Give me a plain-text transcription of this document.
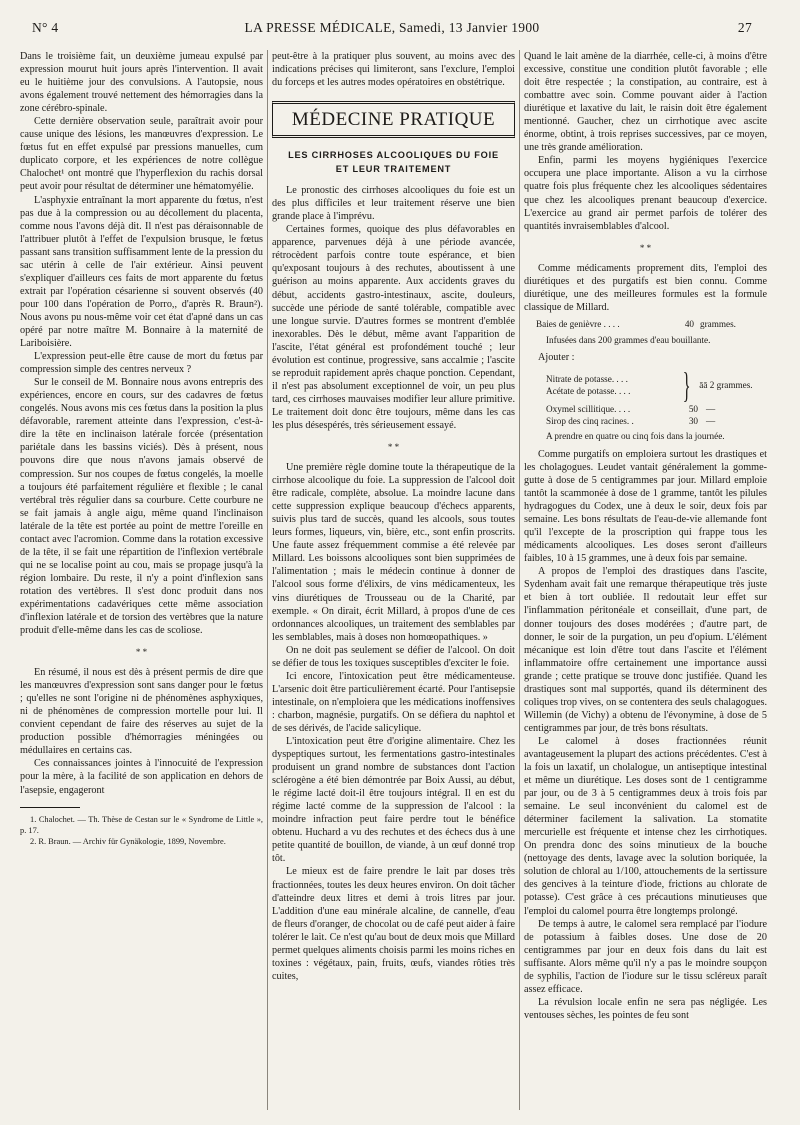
N° 4	LA PRESSE MÉDICALE, Samedi, 13 Janvier 1900	27

Dans le troisième fait, un deuxième jumeau expulsé par expression mourut huit jours après l'intervention. Il avait eu le huitième jour des convulsions. A l'autopsie, nous avons également trouvé nettement des hémorragies dans la zone cérébro-spinale.

Cette dernière observation seule, paraîtrait avoir pour cause unique des lésions, les manœuvres d'expression. Le fœtus fut en effet expulsé par pressions manuelles, cum duplicato corpore, et les expériences de notre collègue Chalochet¹ ont montré que l'hyperflexion du rachis dorsal peut avoir pour résultat de déterminer une hématomyélie.

L'asphyxie entraînant la mort apparente du fœtus, n'est pas due à la compression ou au décollement du placenta, comme nous l'avons déjà dit. Il n'est pas déraisonnable de l'attribuer plutôt à l'effet de l'expulsion brusque, le fœtus passant sans transition suffisamment lente de la pression du sac utérin à celle de l'air extérieur. Ainsi peuvent s'expliquer d'ailleurs ces faits de mort apparente du fœtus extrait par l'opération césarienne si souvent observés (40 pour 100 dans l'opération de Porro,, d'après R. Braun²). Nous avons pu nous-même voir cet état d'apné dans un cas opéré par notre maître M. Bonnaire à la maternité de Lariboisière.

L'expression peut-elle être cause de mort du fœtus par compression simple des centres nerveux ?

Sur le conseil de M. Bonnaire nous avons entrepris des expériences, encore en cours, sur des cadavres de fœtus congelés. Nous avons mis ces fœtus dans la position la plus défavorable, rarement atteinte dans l'expression, c'est-à-dire la tête en inclinaison latérale forcée (présentation pariétale dans les bassins viciés). Dès à présent, nous pouvons dire que nous n'avons jamais observé de compression. Sur nos coupes de fœtus congelés, la moelle a toujours été parfaitement régulière et flexible ; le canal vertébral très régulier dans sa courbure. Cette courbure ne se fait jamais à angle aigu, même quand l'inclinaison latérale de la tête est portée au point de mettre l'oreille en contact avec l'acromion. Comme dans la rotation excessive de la tête, il se fait une répartition de l'inflexion vertébrale qui ne se localise point au cou, mais se propage jusqu'à la région lombaire. Du reste, il n'y a point d'inflexion sans rotation des vertèbres. Il s'est donc produit dans nos expérimentations cadavériques cette même association d'inflexion latérale et de torsion des vertèbres que la nature produit d'elle-même dans les cas de scoliose.

* *

En résumé, il nous est dès à présent permis de dire que les manœuvres d'expression sont sans danger pour le fœtus ; qu'elles ne sont l'origine ni de phénomènes asphyxiques, ni de phénomènes de compression mortelle pour lui. Il convient cependant de faire des réserves au sujet de la production possible d'hémorragies méningées ou médullaires en certains cas.

Ces connaissances jointes à l'innocuité de l'expression pour la mère, à la facilité de son application en dehors de l'asepsie, engageront

1. Chalochet. — Th. Thèse de Cestan sur le « Syndrome de Little », p. 17.

2. R. Braun. — Archiv für Gynäkologie, 1899, Novembre.

peut-être à la pratiquer plus souvent, au moins avec des indications précises qui limiteront, sans l'exclure, l'emploi du forceps et les autres modes opératoires en obstétrique.

MÉDECINE PRATIQUE
LES CIRRHOSES ALCOOLIQUES DU FOIE
ET LEUR TRAITEMENT

Le pronostic des cirrhoses alcooliques du foie est un des plus difficiles et leur traitement réserve une bien grande place à l'imprévu.

Certaines formes, quoique des plus défavorables en apparence, parvenues déjà à une période avancée, rétrocèdent parfois contre toute espérance, et bien qu'exposant toujours à des rechutes, aboutissent à une guérison au moins apparente. Aux accidents graves du début, accidents gastro-intestinaux, ascite, douleurs, succède une période de santé tolérable, compatible avec une longue survie. D'autres formes se montrent d'emblée inexorables. Dès le début, même avant l'apparition de l'ascite, l'état général est profondément touché ; leur évolution est continue, progressive, sans accalmie ; l'ascite se reproduit rapidement après chaque ponction. Cependant, il n'est pas absolument exceptionnel de voir, un peu plus tard, ces cirrhoses mauvaises modifier leur allure primitive. Le traitement doit donc être toujours, même dans les cas les plus désespérés, très sérieusement essayé.

* *

Une première règle domine toute la thérapeutique de la cirrhose alcoolique du foie. La suppression de l'alcool doit être radicale, complète, absolue. La moindre lacune dans cette suppression explique beaucoup d'échecs apparents, suivis plus tard de succès, quand les alcools, sous toutes leurs formes, liqueurs, vin, bière, etc., sont enfin proscrits. Une faute assez fréquemment commise a été relevée par Millard. Les boissons alcooliques sont bien supprimées de l'alimentation ; mais le médecin continue à donner de l'alcool sous forme d'élixirs, de vins médicamenteux, les vins diurétiques de Trousseau ou de la Charité, par exemple. « On dirait, écrit Millard, à propos d'une de ces ordonnances alcooliques, un traitement des semblables par les semblables, mais à doses non homœopathiques. »

On ne doit pas seulement se défier de l'alcool. On doit se défier de tous les toxiques susceptibles d'exciter le foie.

Ici encore, l'intoxication peut être médicamenteuse. L'arsenic doit être particulièrement écarté. Pour l'antisepsie intestinale, on n'emploiera que les médications inoffensives : charbon, magnésie, purgatifs. On se défiera du naphtol et de ses dérivés, de l'acide salicylique.

L'intoxication peut être d'origine alimentaire. Chez les dyspeptiques surtout, les fermentations gastro-intestinales produisent un grand nombre de substances dont l'action sclérogène a été bien démontrée par Boix Aussi, au début, le régime lacté doit-il être toujours intégral. Il en est du régime lacté comme de la suppression de l'alcool : la moindre infraction peut faire perdre tout le bénéfice obtenu. Huchard a vu des rechutes et des échecs dus à une petite quantité de bouillon, de viande, à un œuf donné trop tôt.

Le mieux est de faire prendre le lait par doses très fractionnées, toutes les deux heures environ. On doit tâcher d'atteindre deux litres et demi à trois litres par jour. L'addition d'une eau minérale alcaline, de cannelle, d'eau de fleurs d'oranger, de chocolat ou de café peut aider à faire tolérer le lait. Ce n'est qu'au bout de deux mois que Millard permet quelques aliments choisis parmi les moins riches en toxines : végétaux, pain, fruits, œufs, viandes rôties très cuites,

Quand le lait amène de la diarrhée, celle-ci, à moins d'être excessive, constitue une condition plutôt favorable ; elle doit être respectée ; la constipation, au contraire, est à combattre avec soin. Comme pouvant aider à l'action diurétique et laxative du lait, le raisin doit être également mentionné. Gaucher, chez un cirrhotique avec ascite énorme, obtint, à trois reprises successives, par ce moyen, une très grande amélioration.

Enfin, parmi les moyens hygiéniques l'exercice occupera une place importante. Alison a vu la cirrhose quatre fois plus fréquente chez les alcooliques sédentaires que chez les alcooliques prenant beaucoup d'exercice. L'exercice au grand air permet parfois de tolérer des quantités invraisemblables d'alcool.

* *

Comme médicaments proprement dits, l'emploi des diurétiques et des purgatifs est bien connu. Comme diurétique, une des meilleures formules est la formule classique de Millard.

Baies de genièvre . . . .	40 grammes.
Infusées dans 200 grammes d'eau bouillante.

Ajouter :

Nitrate de potasse. . . .
Acétate de potasse. . . .	} āā 2 grammes.
Oxymel scillitique. . . .	50 —
Sirop des cinq racines. .	30 —
A prendre en quatre ou cinq fois dans la journée.

Comme purgatifs on emploiera surtout les drastiques et les cholagogues. Leudet vantait généralement la gomme-gutte à dose de 5 centigrammes par jour. Millard emploie tantôt la scammonée à dose de 1 gramme, tantôt les pilules hydragogues du Codex, une à deux le soir, deux fois par semaine. Les bons résultats de l'eau-de-vie allemande font qu'il l'excepte de la proscription qui frappe tous les médicaments alcooliques. Les doses seront d'ailleurs faibles, 10 à 15 grammes, une à deux fois par semaine.

A propos de l'emploi des drastiques dans l'ascite, Sydenham avait fait une remarque thérapeutique très juste et bien à tort oubliée. Il redoutait leur effet sur l'inflammation péritonéale et conseillait, d'une part, de donner toujours des doses modérées ; d'autre part, de donner, le soir de la purgation, un peu d'opium. L'élément mécanique est loin d'être tout dans l'ascite et l'élément inflammatoire offre certainement une importance aussi grande ; cette pratique se trouve donc justifiée. Quand les drastiques sont mal supportés, quand ils déterminent des coliques trop vives, on se contentera des seuls chalagogues. Willemin (de Vichy) a obtenu de l'évonymine, à dose de 5 centigrammes par jour, de très bons résultats.

Le calomel à doses fractionnées réunit avantageusement la plupart des actions précédentes. C'est à la fois un laxatif, un cholalogue, un antiseptique intestinal et même un diurétique. Les doses sont de 1 centigramme par jour, ou de 3 à 5 centigrammes deux à trois fois par semaine. Le seul inconvénient du calomel est de déterminer facilement la salivation. La stomatite mercurielle est fréquente et intense chez les cirrhotiques. On prendra donc des soins minutieux de la bouche (nettoyage des dents, lavage avec la solution boriquée, la solution de chloral au 1/100, attouchements de la sertissure des gencives à la teinture d'iode, frictions au chlorate de potasse). C'est grâce à ces précautions minutieuses que l'emploi du calomel pourra être longtemps prolongé.

De temps à autre, le calomel sera remplacé par l'iodure de potassium à faibles doses. Une dose de 20 centigrammes par jour en deux fois dans du lait est suffisante. Alors même qu'il n'y a pas le moindre soupçon de syphilis, l'action de l'iodure sur le tissu scléreux paraît assez efficace.

La révulsion locale enfin ne sera pas négligée. Les ventouses sèches, les pointes de feu sont
